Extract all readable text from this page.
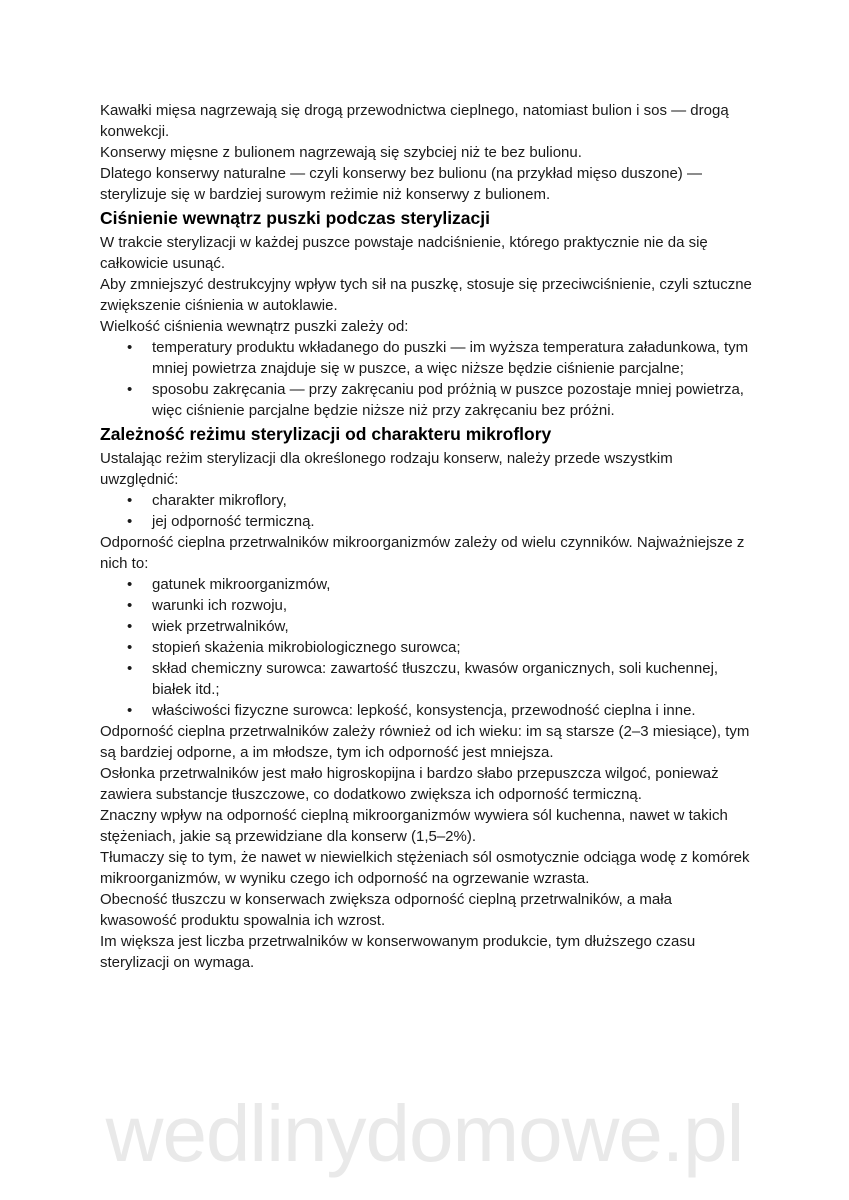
Kawałki mięsa nagrzewają się drogą przewodnictwa cieplnego, natomiast bulion i sos — drogą konwekcji.

Konserwy mięsne z bulionem nagrzewają się szybciej niż te bez bulionu.

Dlatego konserwy naturalne — czyli konserwy bez bulionu (na przykład mięso duszone) — sterylizuje się w bardziej surowym reżimie niż konserwy z bulionem.

Ciśnienie wewnątrz puszki podczas sterylizacji

W trakcie sterylizacji w każdej puszce powstaje nadciśnienie, którego praktycznie nie da się całkowicie usunąć.

Aby zmniejszyć destrukcyjny wpływ tych sił na puszkę, stosuje się przeciwciśnienie, czyli sztuczne zwiększenie ciśnienia w autoklawie.

Wielkość ciśnienia wewnątrz puszki zależy od:

• temperatury produktu wkładanego do puszki — im wyższa temperatura załadunkowa, tym mniej powietrza znajduje się w puszce, a więc niższe będzie ciśnienie parcjalne;
• sposobu zakręcania — przy zakręcaniu pod próżnią w puszce pozostaje mniej powietrza, więc ciśnienie parcjalne będzie niższe niż przy zakręcaniu bez próżni.
Zależność reżimu sterylizacji od charakteru mikroflory

Ustalając reżim sterylizacji dla określonego rodzaju konserw, należy przede wszystkim uwzględnić:

• charakter mikroflory,
• jej odporność termiczną.

Odporność cieplna przetrwalników mikroorganizmów zależy od wielu czynników. Najważniejsze z nich to:

• gatunek mikroorganizmów,
• warunki ich rozwoju,
• wiek przetrwalników,
• stopień skażenia mikrobiologicznego surowca;
• skład chemiczny surowca: zawartość tłuszczu, kwasów organicznych, soli kuchennej, białek itd.;
• właściwości fizyczne surowca: lepkość, konsystencja, przewodność cieplna i inne.

Odporność cieplna przetrwalników zależy również od ich wieku: im są starsze (2–3 miesiące), tym są bardziej odporne, a im młodsze, tym ich odporność jest mniejsza.

Osłonka przetrwalników jest mało higroskopijna i bardzo słabo przepuszcza wilgoć, ponieważ zawiera substancje tłuszczowe, co dodatkowo zwiększa ich odporność termiczną.

Znaczny wpływ na odporność cieplną mikroorganizmów wywiera sól kuchenna, nawet w takich stężeniach, jakie są przewidziane dla konserw (1,5–2%).

Tłumaczy się to tym, że nawet w niewielkich stężeniach sól osmotycznie odciąga wodę z komórek mikroorganizmów, w wyniku czego ich odporność na ogrzewanie wzrasta.

Obecność tłuszczu w konserwach zwiększa odporność cieplną przetrwalników, a mała kwasowość produktu spowalnia ich wzrost.

Im większa jest liczba przetrwalników w konserwowanym produkcie, tym dłuższego czasu sterylizacji on wymaga.

wedlinydomowe.pl
